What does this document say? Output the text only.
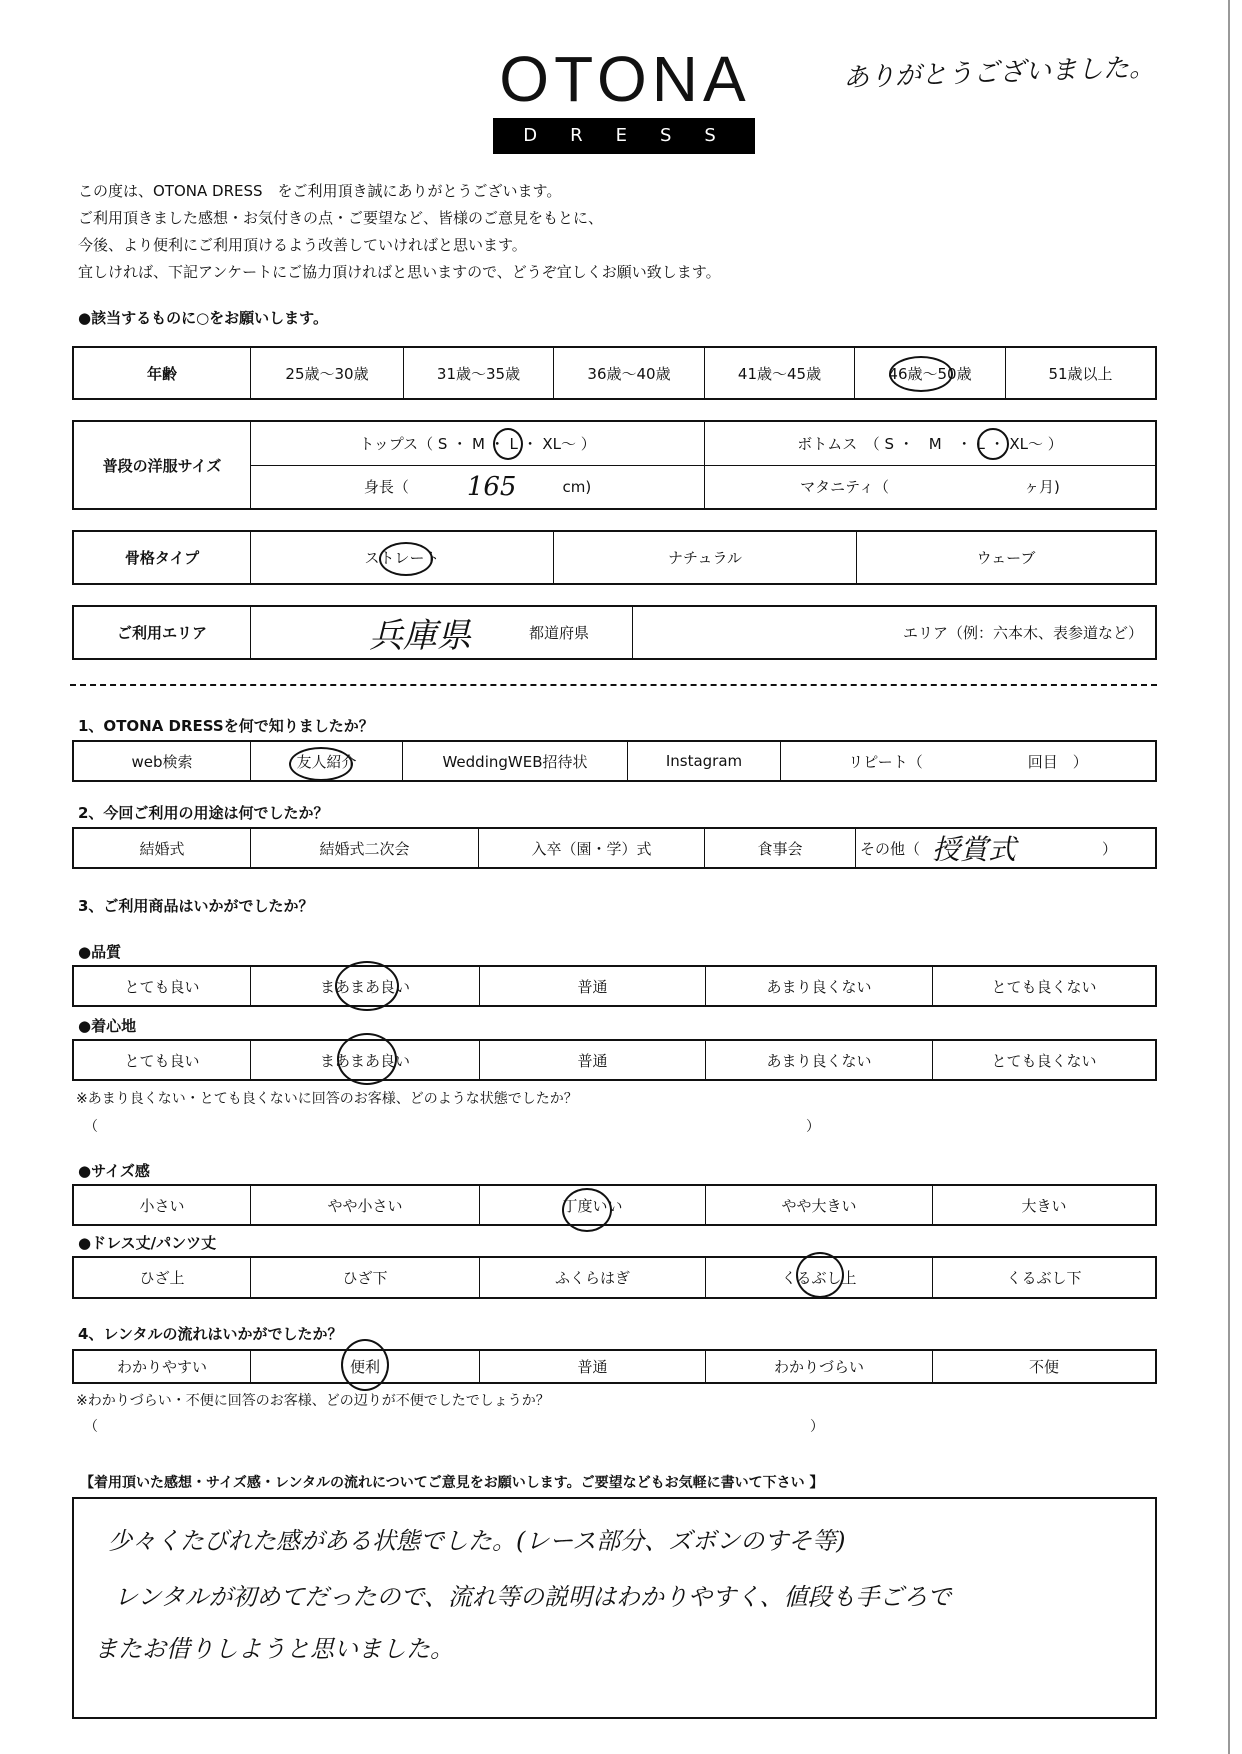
OTONA
DRESS
ありがとうございました。
この度は、OTONA DRESS　をご利用頂き誠にありがとうございます。
ご利用頂きました感想・お気付きの点・ご要望など、皆様のご意見をもとに、
今後、より便利にご利用頂けるよう改善していければと思います。
宜しければ、下記アンケートにご協力頂ければと思いますので、どうぞ宜しくお願い致します。
●該当するものに○をお願いします。
年齢	25歳〜30歳	31歳〜35歳	36歳〜40歳	41歳〜45歳	46歳〜50歳	51歳以上
普段の洋服サイズ
トップス（ S ・ M ・ L ・ XL〜 ）	ボトムス　（ S ・　M　・ L ・ XL〜 ）
身長（ 165	cm)	マタニティ（　　　　　　　　　ヶ月)
骨格タイプ	ストレート	ナチュラル	ウェーブ
ご利用エリア	兵庫県	都道府県	エリア（例：六本木、表参道など）
1、OTONA DRESSを何で知りましたか？
web検索	友人紹介	WeddingWEB招待状	Instagram	リピート（　　　　　　　回目　）
2、今回ご利用の用途は何でしたか？
結婚式	結婚式二次会	入卒（園・学）式	食事会	その他（ 授賞式	）
3、ご利用商品はいかがでしたか？
●品質
とても良い	まあまあ良い	普通	あまり良くない	とても良くない
●着心地
とても良い	まあまあ良い	普通	あまり良くない	とても良くない
※あまり良くない・とても良くないに回答のお客様、どのような状態でしたか？
（	）
●サイズ感
小さい	やや小さい	丁度いい	やや大きい	大きい
●ドレス丈/パンツ丈
ひざ上	ひざ下	ふくらはぎ	くるぶし上	くるぶし下
4、レンタルの流れはいかがでしたか？
わかりやすい	便利	普通	わかりづらい	不便
※わかりづらい・不便に回答のお客様、どの辺りが不便でしたでしょうか？
（	）
【着用頂いた感想・サイズ感・レンタルの流れについてご意見をお願いします。ご要望などもお気軽に書いて下さい 】
少々くたびれた感がある状態でした。(レース部分、ズボンのすそ等)
レンタルが初めてだったので、流れ等の説明はわかりやすく、値段も手ごろで
またお借りしようと思いました。
